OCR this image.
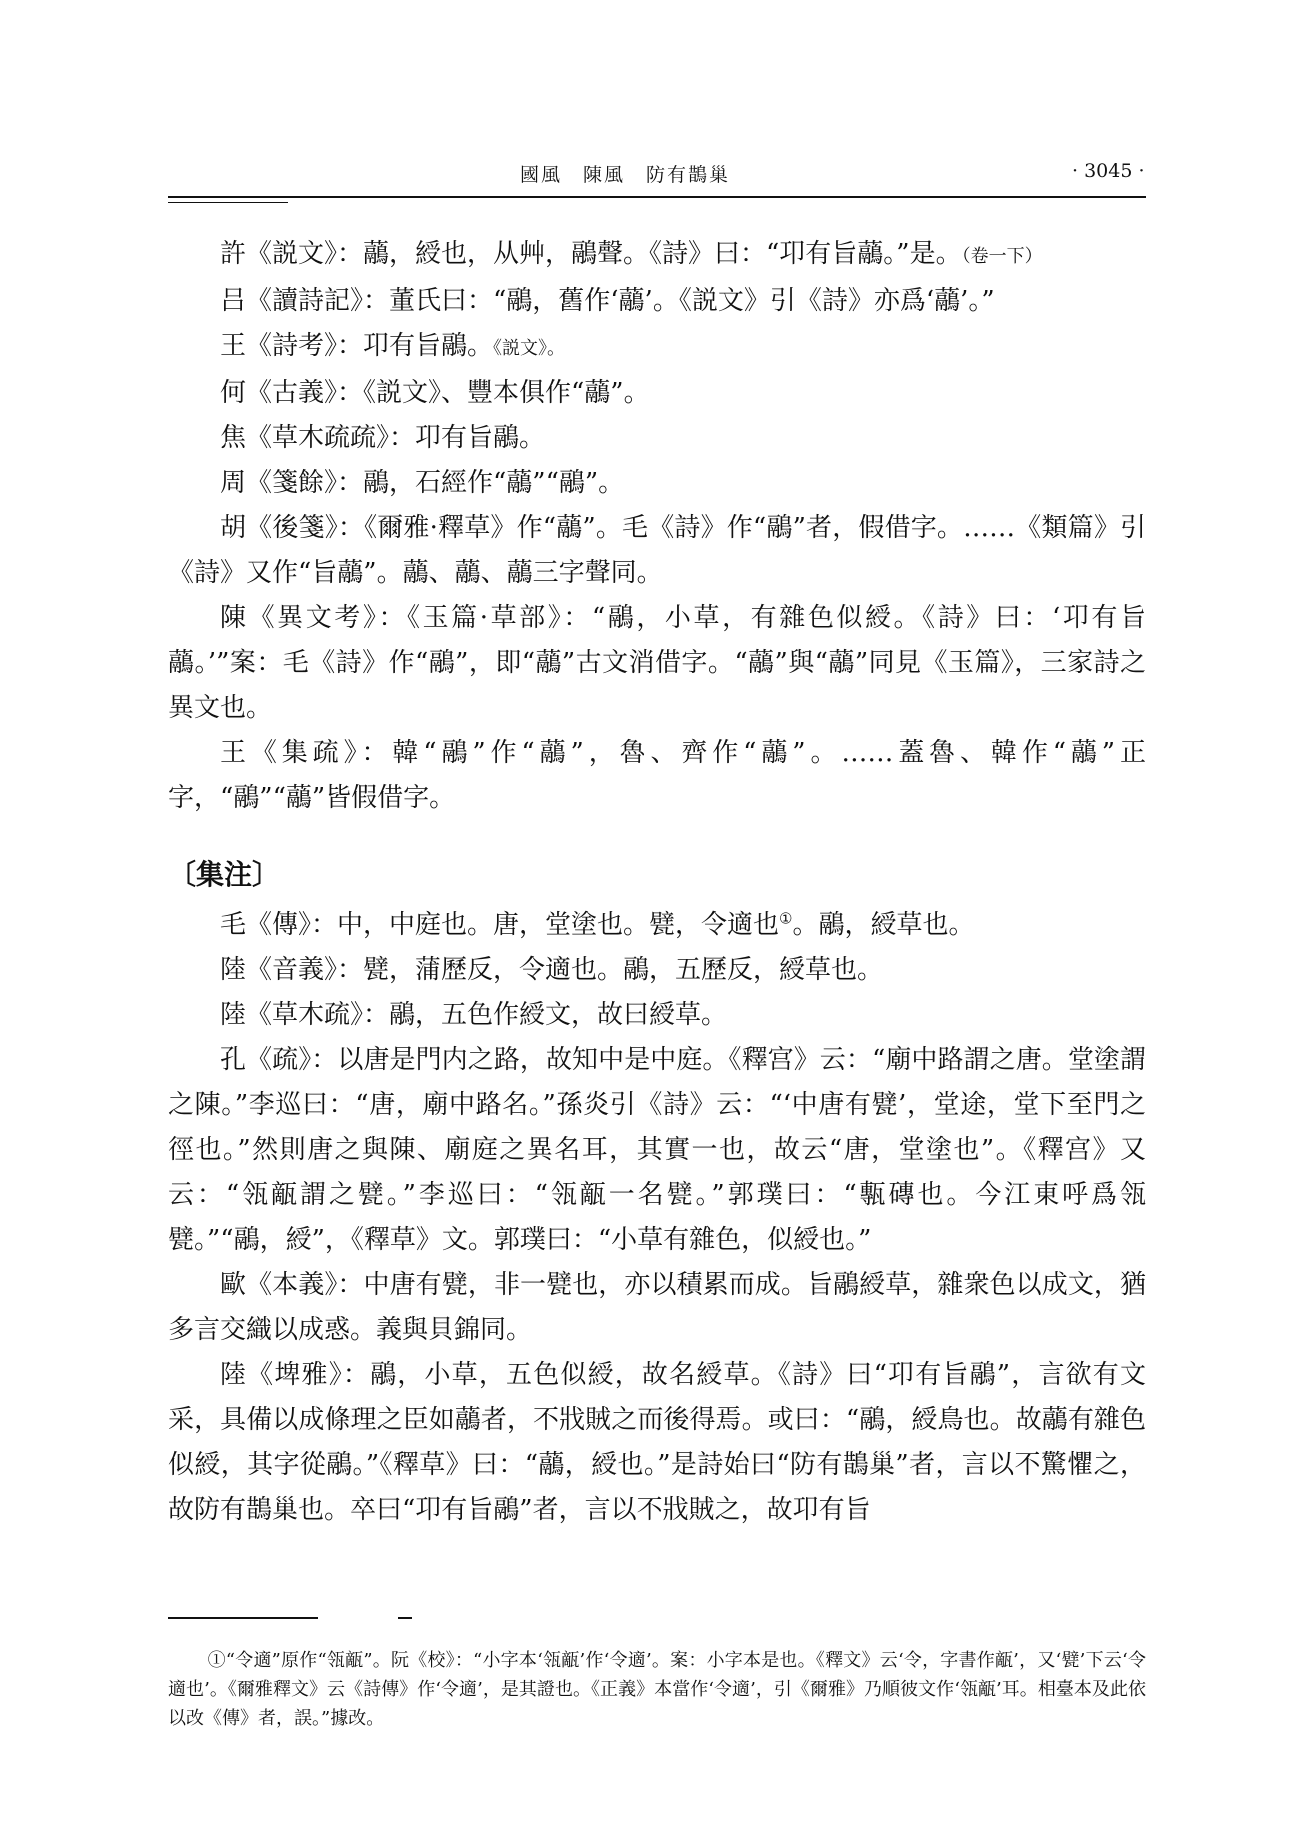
國風　陳風　防有鵲巢	· 3045 ·

許《説文》：虉，綬也，从艸，鷊聲。《詩》曰：“卭有旨虉。”是。（卷一下）

吕《讀詩記》：董氏曰：“鷊，舊作‘虉’。《説文》引《詩》亦爲‘虉’。”

王《詩考》：卭有旨鷊。《説文》。

何《古義》：《説文》、豐本俱作“虉”。

焦《草木疏疏》：卭有旨鷊。

周《箋餘》：鷊，石經作“虉”“鷊”。

胡《後箋》：《爾雅·釋草》作“虉”。毛《詩》作“鷊”者，假借字。……《類篇》引《詩》又作“旨虉”。虉、虉、虉三字聲同。

陳《異文考》：《玉篇·草部》：“鷊，小草，有雜色似綬。《詩》曰：‘卭有旨虉。’”案：毛《詩》作“鷊”，即“虉”古文消借字。“虉”與“虉”同見《玉篇》，三家詩之異文也。

王《集疏》：韓“鷊”作“虉”，魯、齊作“虉”。……蓋魯、韓作“虉”正字，“鷊”“虉”皆假借字。

〔集注〕

毛《傳》：中，中庭也。唐，堂塗也。甓，令適也①。鷊，綬草也。

陸《音義》：甓，蒲歷反，令適也。鷊，五歷反，綬草也。

陸《草木疏》：鷊，五色作綬文，故曰綬草。

孔《疏》：以唐是門内之路，故知中是中庭。《釋宫》云：“廟中路謂之唐。堂塗謂之陳。”李巡曰：“唐，廟中路名。”孫炎引《詩》云：“‘中唐有甓’，堂途，堂下至門之徑也。”然則唐之與陳、廟庭之異名耳，其實一也，故云“唐，堂塗也”。《釋宫》又云：“瓴甋謂之甓。”李巡曰：“瓴甋一名甓。”郭璞曰：“甎磚也。今江東呼爲瓴甓。”“鷊，綬”，《釋草》文。郭璞曰：“小草有雜色，似綬也。”

歐《本義》：中唐有甓，非一甓也，亦以積累而成。旨鷊綬草，雜衆色以成文，猶多言交織以成惑。義與貝錦同。

陸《埤雅》：鷊，小草，五色似綬，故名綬草。《詩》曰“卭有旨鷊”，言欲有文采，具備以成條理之臣如虉者，不戕賊之而後得焉。或曰：“鷊，綬鳥也。故虉有雜色似綬，其字從鷊。”《釋草》曰：“虉，綬也。”是詩始曰“防有鵲巢”者，言以不驚懼之，故防有鵲巢也。卒曰“卭有旨鷊”者，言以不戕賊之，故卭有旨

①“令適”原作“瓴甋”。阮《校》：“小字本‘瓴甋’作‘令適’。案：小字本是也。《釋文》云‘令，字書作甋’，又‘甓’下云‘令適也’。《爾雅釋文》云《詩傳》作‘令適’，是其證也。《正義》本當作‘令適’，引《爾雅》乃順彼文作‘瓴甋’耳。相臺本及此依以改《傳》者，誤。”據改。
